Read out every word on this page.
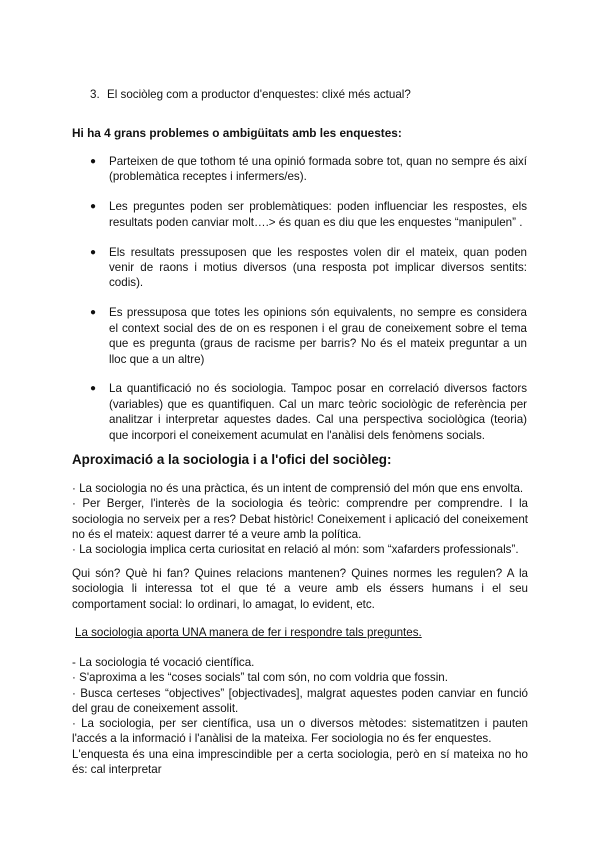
3. El sociòleg com a productor d'enquestes: clixé més actual?
Hi ha 4 grans problemes o ambigüitats amb les enquestes:
● Parteixen de que tothom té una opinió formada sobre tot, quan no sempre és així (problemàtica receptes i infermers/es).
● Les preguntes poden ser problemàtiques: poden influenciar les respostes, els resultats poden canviar molt….> és quan es diu que les enquestes “manipulen” .
● Els resultats pressuposen que les respostes volen dir el mateix, quan poden venir de raons i motius diversos (una resposta pot implicar diversos sentits: codis).
● Es pressuposa que totes les opinions són equivalents, no sempre es considera el context social des de on es responen i el grau de coneixement sobre el tema que es pregunta (graus de racisme per barris? No és el mateix preguntar a un lloc que a un altre)
● La quantificació no és sociologia. Tampoc posar en correlació diversos factors (variables) que es quantifiquen. Cal un marc teòric sociològic de referència per analitzar i interpretar aquestes dades. Cal una perspectiva sociològica (teoria) que incorpori el coneixement acumulat en l'anàlisi dels fenòmens socials.
Aproximació a la sociologia i a l'ofici del sociòleg:
· La sociologia no és una pràctica, és un intent de comprensió del món que ens envolta.
· Per Berger, l'interès de la sociologia és teòric: comprendre per comprendre. I la sociologia no serveix per a res? Debat històric! Coneixement i aplicació del coneixement no és el mateix: aquest darrer té a veure amb la política.
· La sociologia implica certa curiositat en relació al món: som “xafarders professionals”.
Qui són? Què hi fan? Quines relacions mantenen? Quines normes les regulen? A la sociologia li interessa tot el que té a veure amb els éssers humans i el seu comportament social: lo ordinari, lo amagat, lo evident, etc.
La sociologia aporta UNA manera de fer i respondre tals preguntes.
- La sociologia té vocació científica.
· S'aproxima a les “coses socials” tal com són, no com voldria que fossin.
· Busca certeses “objectives” [objectivades], malgrat aquestes poden canviar en funció del grau de coneixement assolit.
· La sociologia, per ser científica, usa un o diversos mètodes: sistematitzen i pauten l'accés a la informació i l'anàlisi de la mateixa. Fer sociologia no és fer enquestes.
L'enquesta és una eina imprescindible per a certa sociologia, però en sí mateixa no ho és: cal interpretar
